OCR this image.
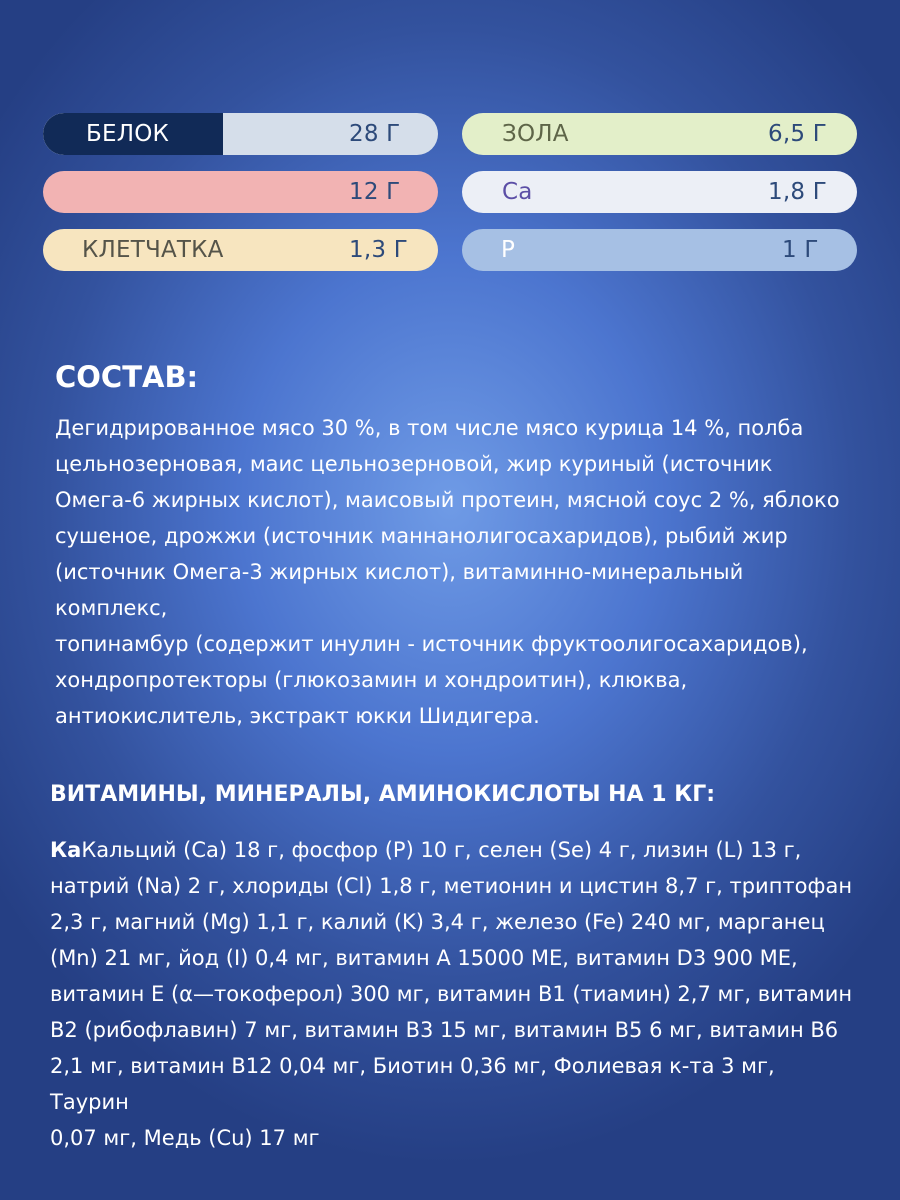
БЕЛОК	28 Г
12 Г
КЛЕТЧАТКА	1,3 Г
ЗОЛА	6,5 Г
Ca	1,8 Г
P	1 Г
СОСТАВ:
Дегидрированное мясо 30 %, в том числе мясо курица 14 %, полба
цельнозерновая, маис цельнозерновой, жир куриный (источник
Омега-6 жирных кислот), маисовый протеин, мясной соус 2 %, яблоко
сушеное, дрожжи (источник маннанолигосахаридов), рыбий жир
(источник Омега-3 жирных кислот), витаминно-минеральный комплекс,
топинамбур (содержит инулин - источник фруктоолигосахаридов),
хондропротекторы (глюкозамин и хондроитин), клюква,
антиокислитель, экстракт юкки Шидигера.
ВИТАМИНЫ, МИНЕРАЛЫ, АМИНОКИСЛОТЫ НА 1 КГ:
КаКальций (Ca) 18 г, фосфор (P) 10 г, селен (Se) 4 г, лизин (L) 13 г,
натрий (Na) 2 г, хлориды (Cl) 1,8 г, метионин и цистин 8,7 г, триптофан
2,3 г, магний (Mg) 1,1 г, калий (K) 3,4 г, железо (Fe) 240 мг, марганец
(Mn) 21 мг, йод (I) 0,4 мг, витамин А 15000 МЕ, витамин D3 900 МЕ,
витамин Е (α—токоферол) 300 мг, витамин В1 (тиамин) 2,7 мг, витамин
В2 (рибофлавин) 7 мг, витамин В3 15 мг, витамин В5 6 мг, витамин В6
2,1 мг, витамин В12 0,04 мг, Биотин 0,36 мг, Фолиевая к-та 3 мг, Таурин
0,07 мг, Медь (Cu) 17 мг
